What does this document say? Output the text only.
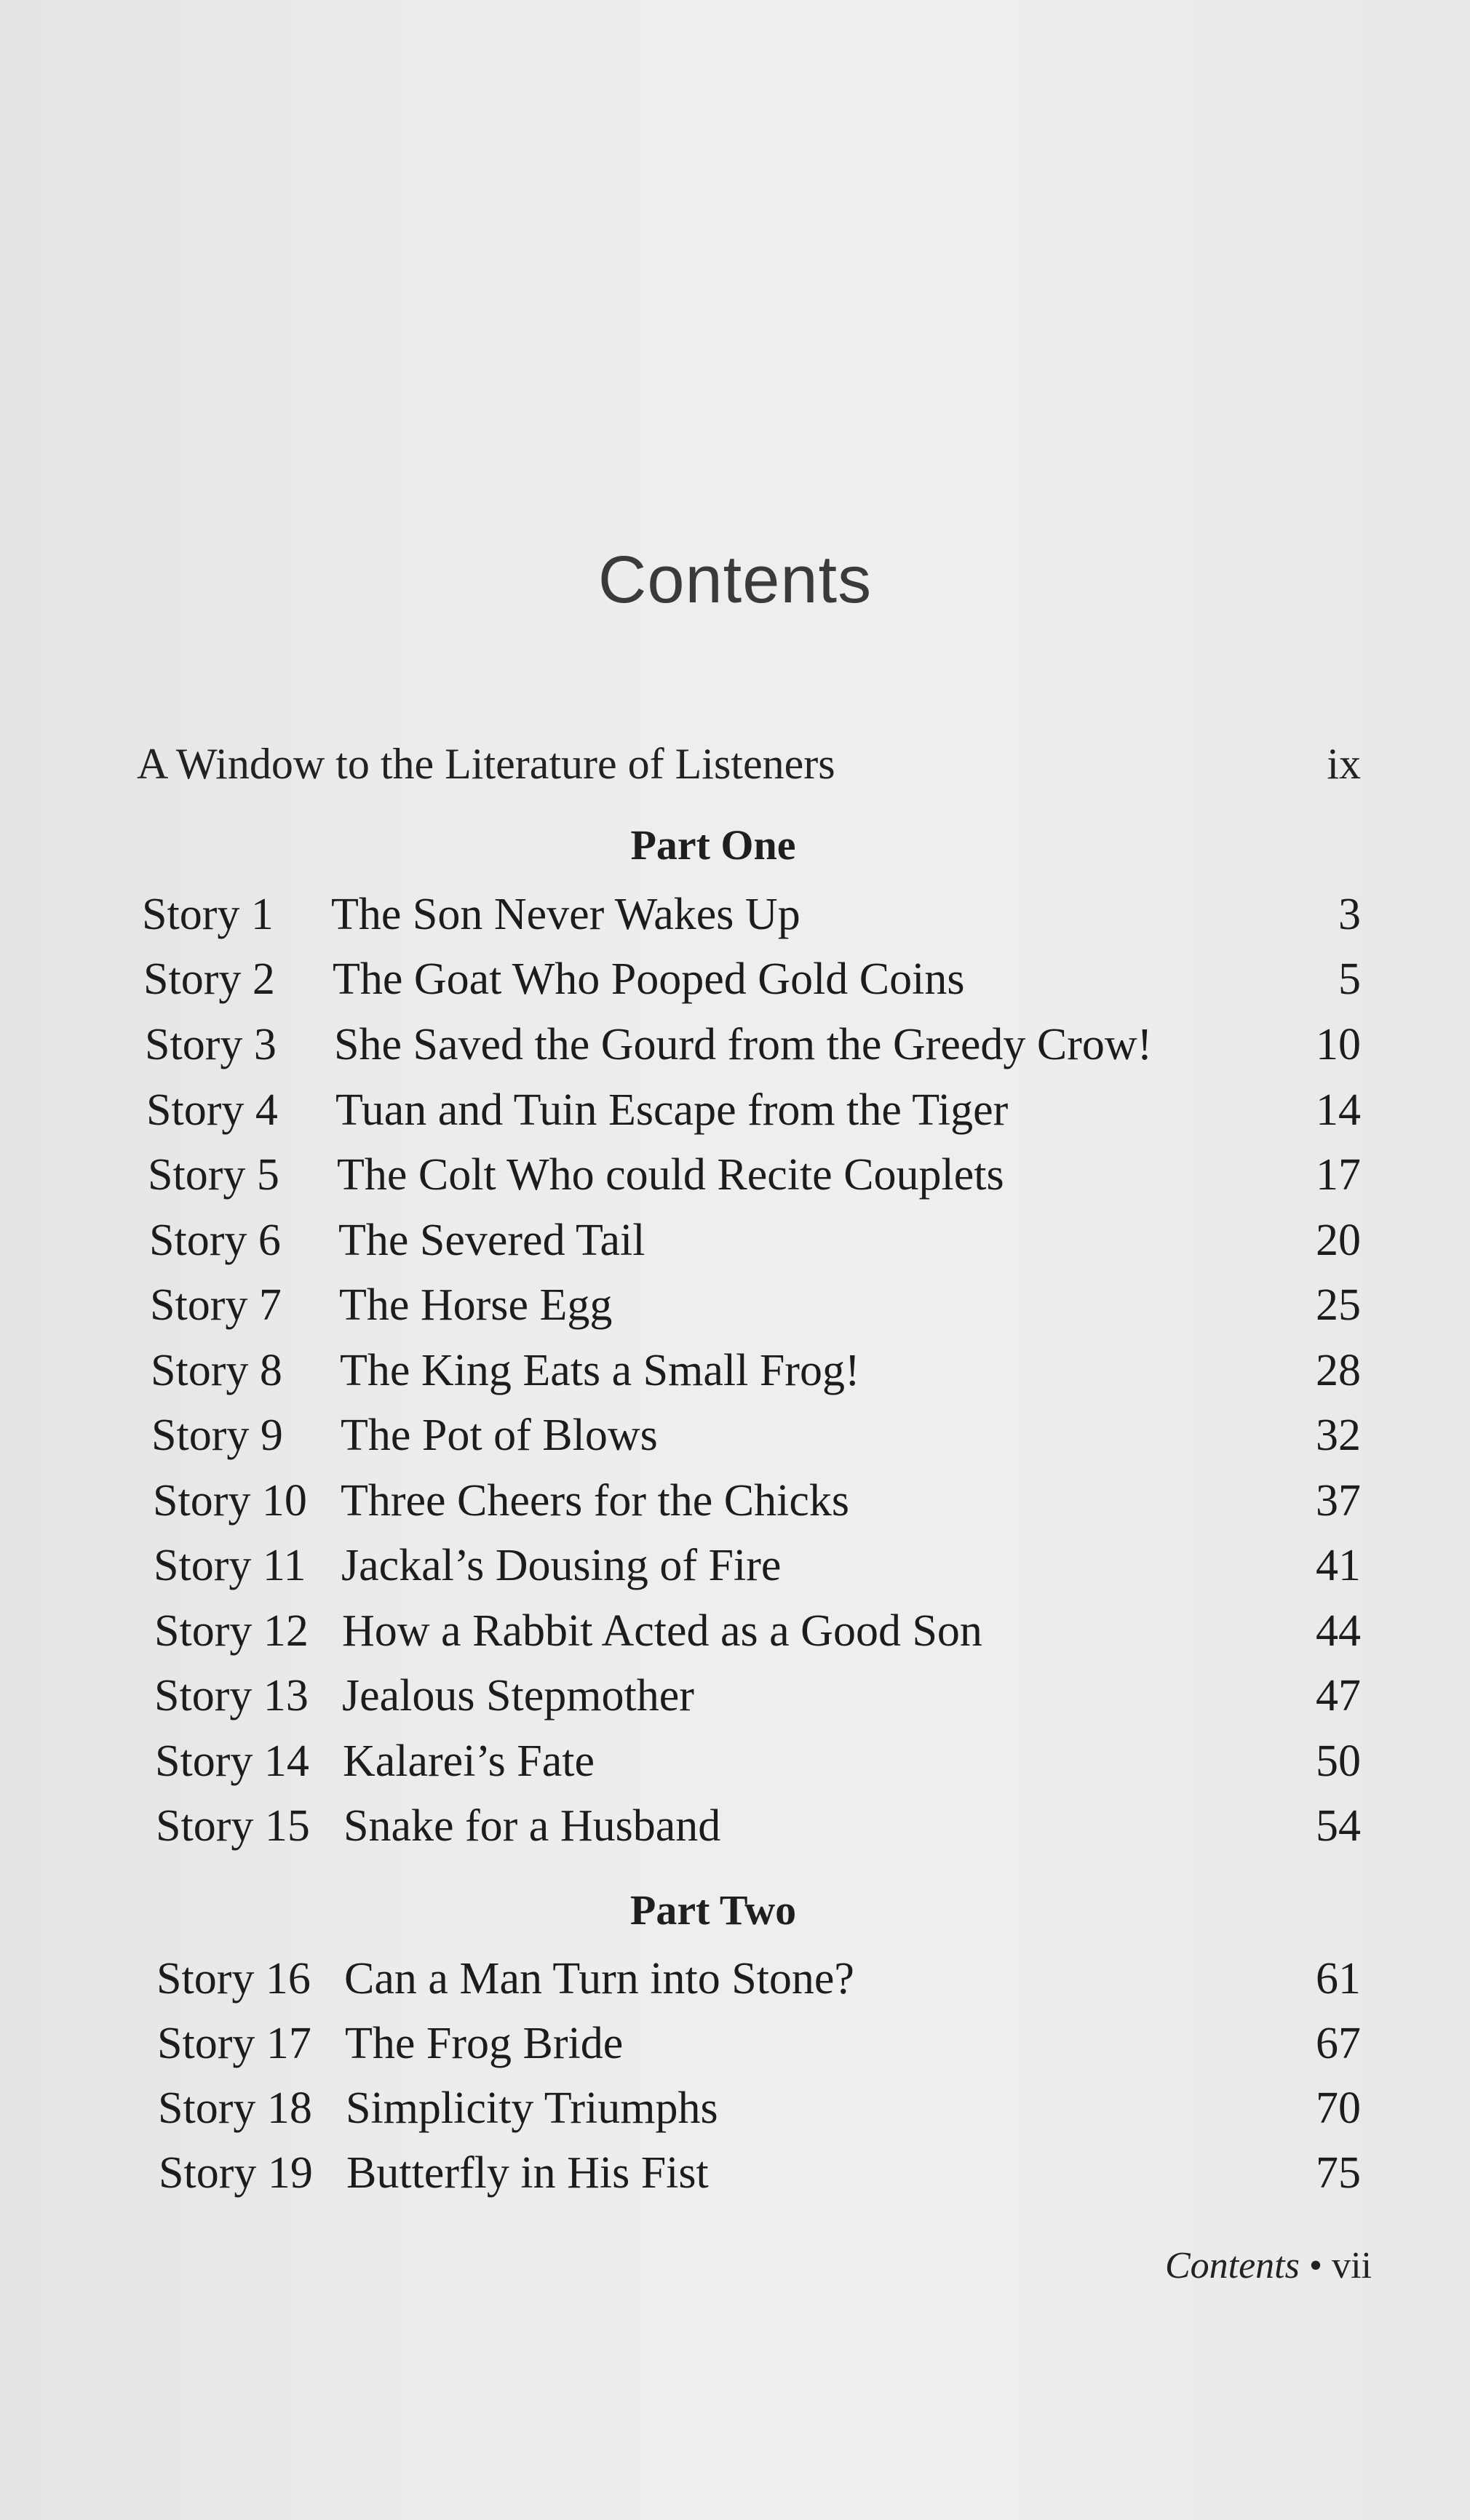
Contents
A Window to the Literature of Listeners	ix
Part One
Part Two
Contents • vii
Story 1 The Son Never Wakes Up	3
Story 2 The Goat Who Pooped Gold Coins	5
Story 3 She Saved the Gourd from the Greedy Crow!	10
Story 4 Tuan and Tuin Escape from the Tiger	14
Story 5 The Colt Who could Recite Couplets	17
Story 6 The Severed Tail	20
Story 7 The Horse Egg	25
Story 8 The King Eats a Small Frog!	28
Story 9 The Pot of Blows	32
Story 10 Three Cheers for the Chicks	37
Story 11 Jackal’s Dousing of Fire	41
Story 12 How a Rabbit Acted as a Good Son	44
Story 13 Jealous Stepmother	47
Story 14 Kalarei’s Fate	50
Story 15 Snake for a Husband	54
Story 16 Can a Man Turn into Stone?	61
Story 17 The Frog Bride	67
Story 18 Simplicity Triumphs	70
Story 19 Butterfly in His Fist	75
